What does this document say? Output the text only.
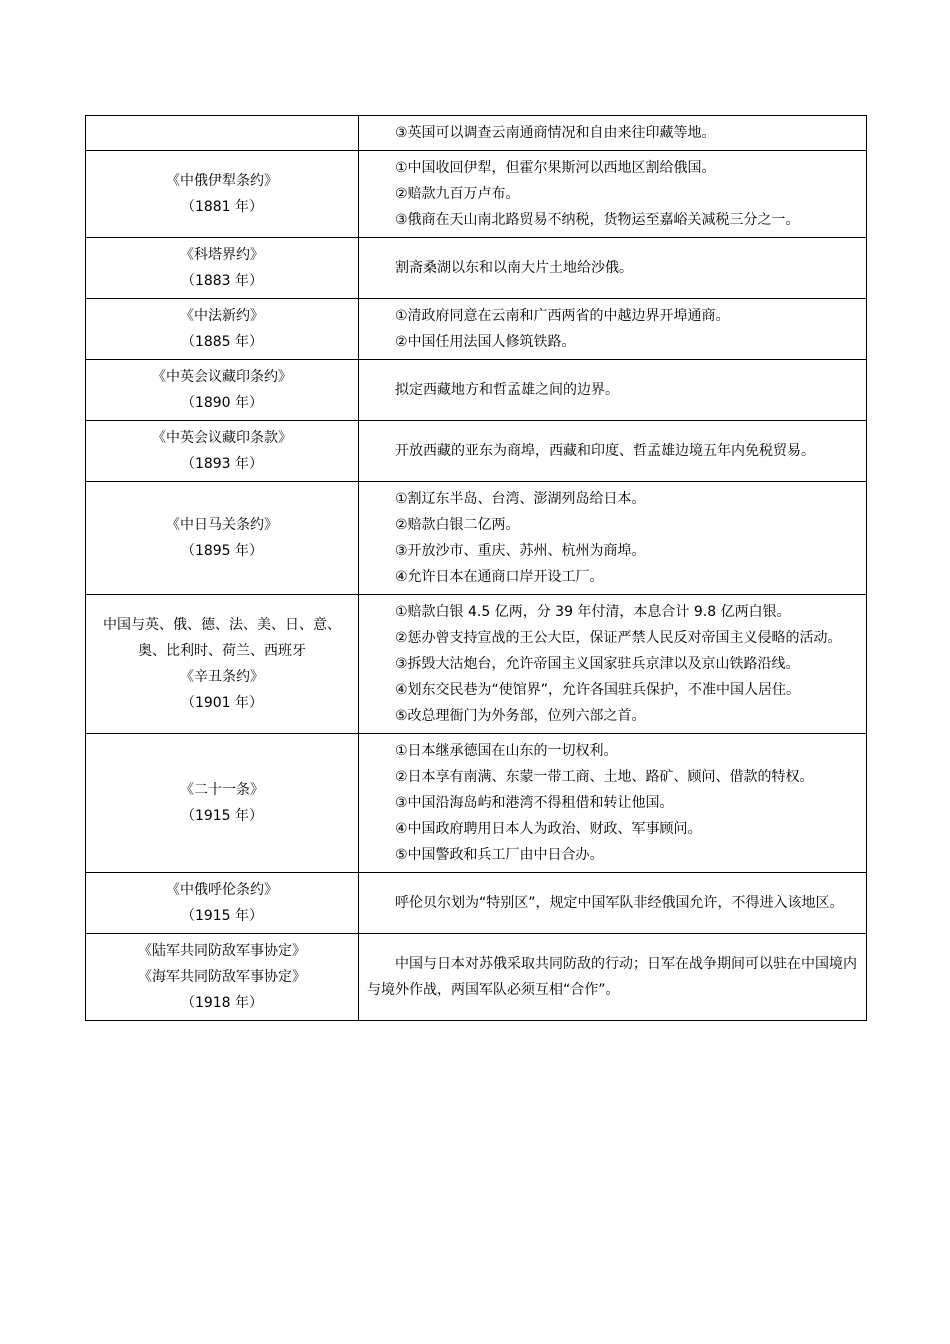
	③英国可以调查云南通商情况和自由来往印藏等地。

《中俄伊犁条约》
（1881 年）	①中国收回伊犁，但霍尔果斯河以西地区割给俄国。
②赔款九百万卢布。
③俄商在天山南北路贸易不纳税，货物运至嘉峪关减税三分之一。

《科塔界约》
（1883 年）	割斋桑湖以东和以南大片土地给沙俄。

《中法新约》
（1885 年）	①清政府同意在云南和广西两省的中越边界开埠通商。
②中国任用法国人修筑铁路。

《中英会议藏印条约》
（1890 年）	拟定西藏地方和哲孟雄之间的边界。

《中英会议藏印条款》
（1893 年）	开放西藏的亚东为商埠，西藏和印度、哲孟雄边境五年内免税贸易。

《中日马关条约》
（1895 年）	①割辽东半岛、台湾、澎湖列岛给日本。
②赔款白银二亿两。
③开放沙市、重庆、苏州、杭州为商埠。
④允许日本在通商口岸开设工厂。

中国与英、俄、德、法、美、日、意、奥、比利时、荷兰、西班牙
《辛丑条约》
（1901 年）	①赔款白银 4.5 亿两，分 39 年付清，本息合计 9.8 亿两白银。
②惩办曾支持宣战的王公大臣，保证严禁人民反对帝国主义侵略的活动。
③拆毁大沽炮台，允许帝国主义国家驻兵京津以及京山铁路沿线。
④划东交民巷为“使馆界”，允许各国驻兵保护，不准中国人居住。
⑤改总理衙门为外务部，位列六部之首。

《二十一条》
（1915 年）	①日本继承德国在山东的一切权利。
②日本享有南满、东蒙一带工商、土地、路矿、顾问、借款的特权。
③中国沿海岛屿和港湾不得租借和转让他国。
④中国政府聘用日本人为政治、财政、军事顾问。
⑤中国警政和兵工厂由中日合办。

《中俄呼伦条约》
（1915 年）	呼伦贝尔划为“特别区”，规定中国军队非经俄国允许，不得进入该地区。

《陆军共同防敌军事协定》
《海军共同防敌军事协定》
（1918 年）	中国与日本对苏俄采取共同防敌的行动；日军在战争期间可以驻在中国境内与境外作战，两国军队必须互相“合作”。
